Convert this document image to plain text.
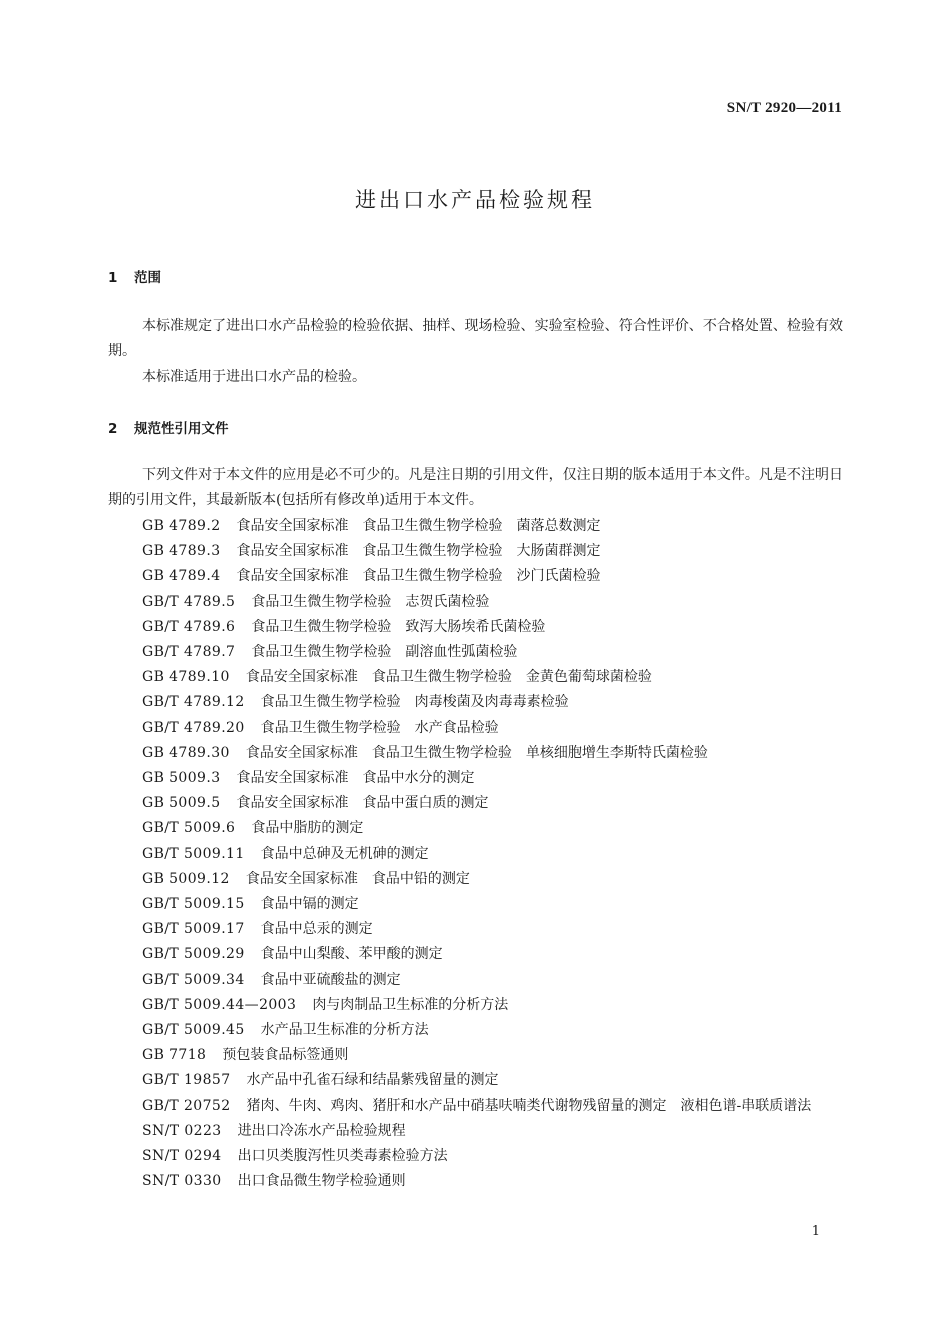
SN/T 2920—2011
进出口水产品检验规程
1 范围

本标准规定了进出口水产品检验的检验依据、抽样、现场检验、实验室检验、符合性评价、不合格处置、检验有效期。

本标准适用于进出口水产品的检验。

2 规范性引用文件

下列文件对于本文件的应用是必不可少的。凡是注日期的引用文件，仅注日期的版本适用于本文件。凡是不注明日期的引用文件，其最新版本(包括所有修改单)适用于本文件。

GB 4789.2 食品安全国家标准　食品卫生微生物学检验　菌落总数测定
GB 4789.3 食品安全国家标准　食品卫生微生物学检验　大肠菌群测定
GB 4789.4 食品安全国家标准　食品卫生微生物学检验　沙门氏菌检验
GB/T 4789.5 食品卫生微生物学检验　志贺氏菌检验
GB/T 4789.6 食品卫生微生物学检验　致泻大肠埃希氏菌检验
GB/T 4789.7 食品卫生微生物学检验　副溶血性弧菌检验
GB 4789.10 食品安全国家标准　食品卫生微生物学检验　金黄色葡萄球菌检验
GB/T 4789.12 食品卫生微生物学检验　肉毒梭菌及肉毒毒素检验
GB/T 4789.20 食品卫生微生物学检验　水产食品检验
GB 4789.30 食品安全国家标准　食品卫生微生物学检验　单核细胞增生李斯特氏菌检验
GB 5009.3 食品安全国家标准　食品中水分的测定
GB 5009.5 食品安全国家标准　食品中蛋白质的测定
GB/T 5009.6 食品中脂肪的测定
GB/T 5009.11 食品中总砷及无机砷的测定
GB 5009.12 食品安全国家标准　食品中铅的测定
GB/T 5009.15 食品中镉的测定
GB/T 5009.17 食品中总汞的测定
GB/T 5009.29 食品中山梨酸、苯甲酸的测定
GB/T 5009.34 食品中亚硫酸盐的测定
GB/T 5009.44—2003 肉与肉制品卫生标准的分析方法
GB/T 5009.45 水产品卫生标准的分析方法
GB 7718 预包装食品标签通则
GB/T 19857 水产品中孔雀石绿和结晶紫残留量的测定
GB/T 20752 猪肉、牛肉、鸡肉、猪肝和水产品中硝基呋喃类代谢物残留量的测定　液相色谱-串联质谱法
SN/T 0223 进出口冷冻水产品检验规程
SN/T 0294 出口贝类腹泻性贝类毒素检验方法
SN/T 0330 出口食品微生物学检验通则
1
